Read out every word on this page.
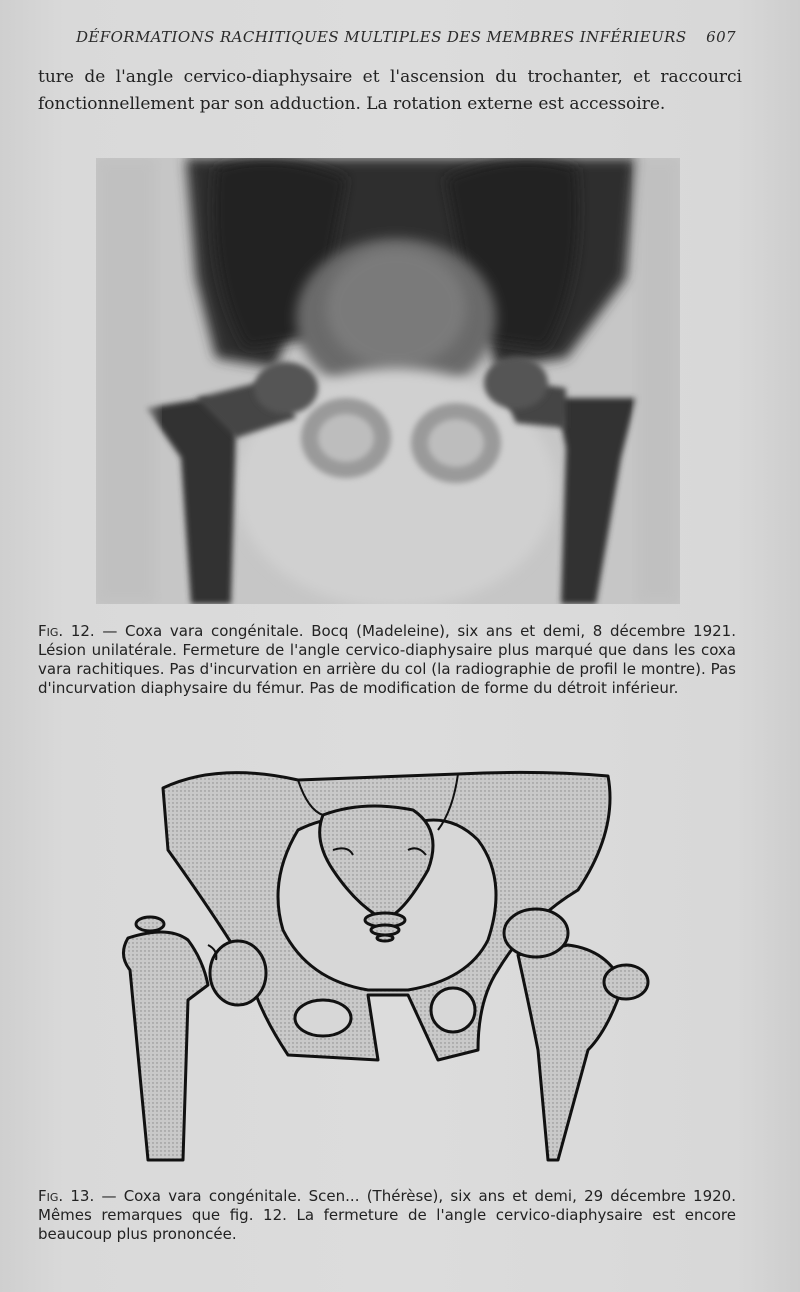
DÉFORMATIONS RACHITIQUES MULTIPLES DES MEMBRES INFÉRIEURS 607
ture de l'angle cervico-diaphysaire et l'ascension du trochanter, et raccourci fonctionnellement par son adduction. La rotation externe est accessoire.
Fig. 12. — Coxa vara congénitale. Bocq (Madeleine), six ans et demi, 8 décembre 1921. Lésion unilatérale. Fermeture de l'angle cervico-diaphysaire plus marqué que dans les coxa vara rachitiques. Pas d'incurvation en arrière du col (la radiographie de profil le montre). Pas d'incurvation diaphysaire du fémur. Pas de modification de forme du détroit inférieur.
Fig. 13. — Coxa vara congénitale. Scen... (Thérèse), six ans et demi, 29 décembre 1920. Mêmes remarques que fig. 12. La fermeture de l'angle cervico-diaphysaire est encore beaucoup plus prononcée.
